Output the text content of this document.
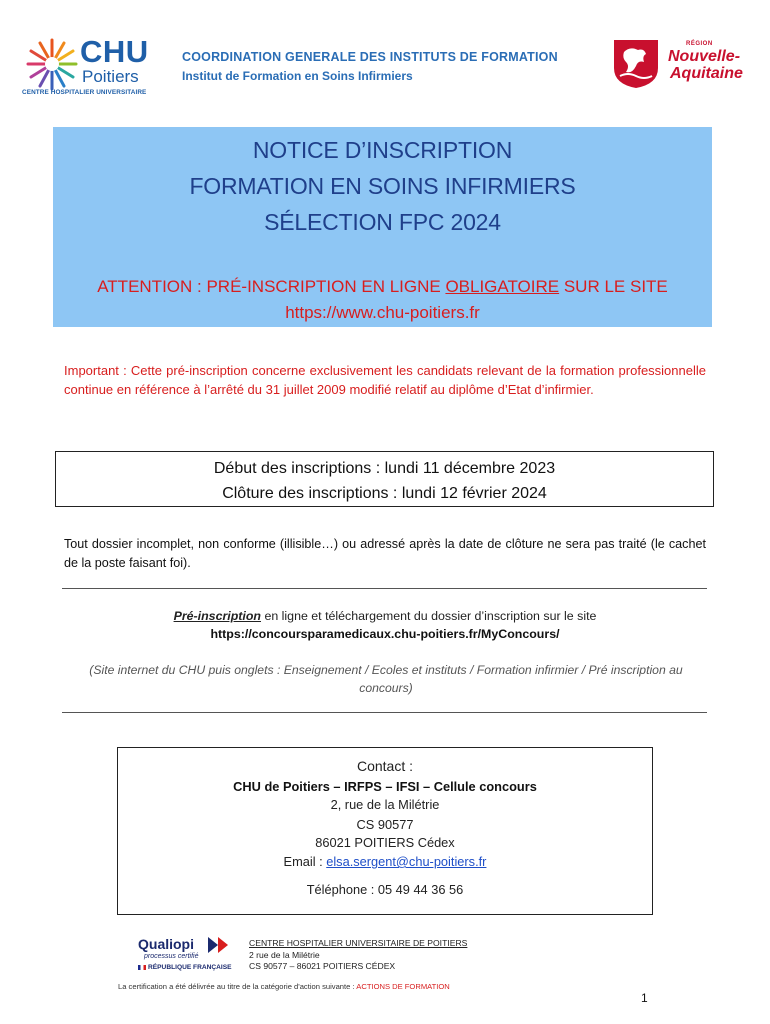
CHU
Poitiers
CENTRE HOSPITALIER UNIVERSITAIRE
COORDINATION GENERALE DES INSTITUTS DE FORMATION
Institut de Formation en Soins Infirmiers
RÉGION
Nouvelle-
Aquitaine
NOTICE D’INSCRIPTION
FORMATION EN SOINS INFIRMIERS
SÉLECTION FPC 2024
ATTENTION : PRÉ-INSCRIPTION EN LIGNE OBLIGATOIRE SUR LE SITE
https://www.chu-poitiers.fr
Important : Cette pré-inscription concerne exclusivement les candidats relevant de la formation professionnelle continue en référence à l’arrêté du 31 juillet 2009 modifié relatif au diplôme d’Etat d’infirmier.
Début des inscriptions : lundi 11 décembre 2023
Clôture des inscriptions : lundi 12 février 2024
Tout dossier incomplet, non conforme (illisible…) ou adressé après la date de clôture ne sera pas traité (le cachet de la poste faisant foi).
Pré-inscription en ligne et téléchargement du dossier d’inscription sur le site
https://concoursparamedicaux.chu-poitiers.fr/MyConcours/
(Site internet du CHU puis onglets : Enseignement / Ecoles et instituts / Formation infirmier / Pré inscription au concours)
Contact :
CHU de Poitiers – IRFPS – IFSI – Cellule concours
2, rue de la Milétrie
CS 90577
86021 POITIERS Cédex
Email : elsa.sergent@chu-poitiers.fr
Téléphone : 05 49 44 36 56
Qualiopi
processus certifié
RÉPUBLIQUE FRANÇAISE
CENTRE HOSPITALIER UNIVERSITAIRE DE POITIERS
2 rue de la Milétrie
CS 90577 – 86021 POITIERS CÉDEX
La certification a été délivrée au titre de la catégorie d'action suivante : ACTIONS DE FORMATION
1
